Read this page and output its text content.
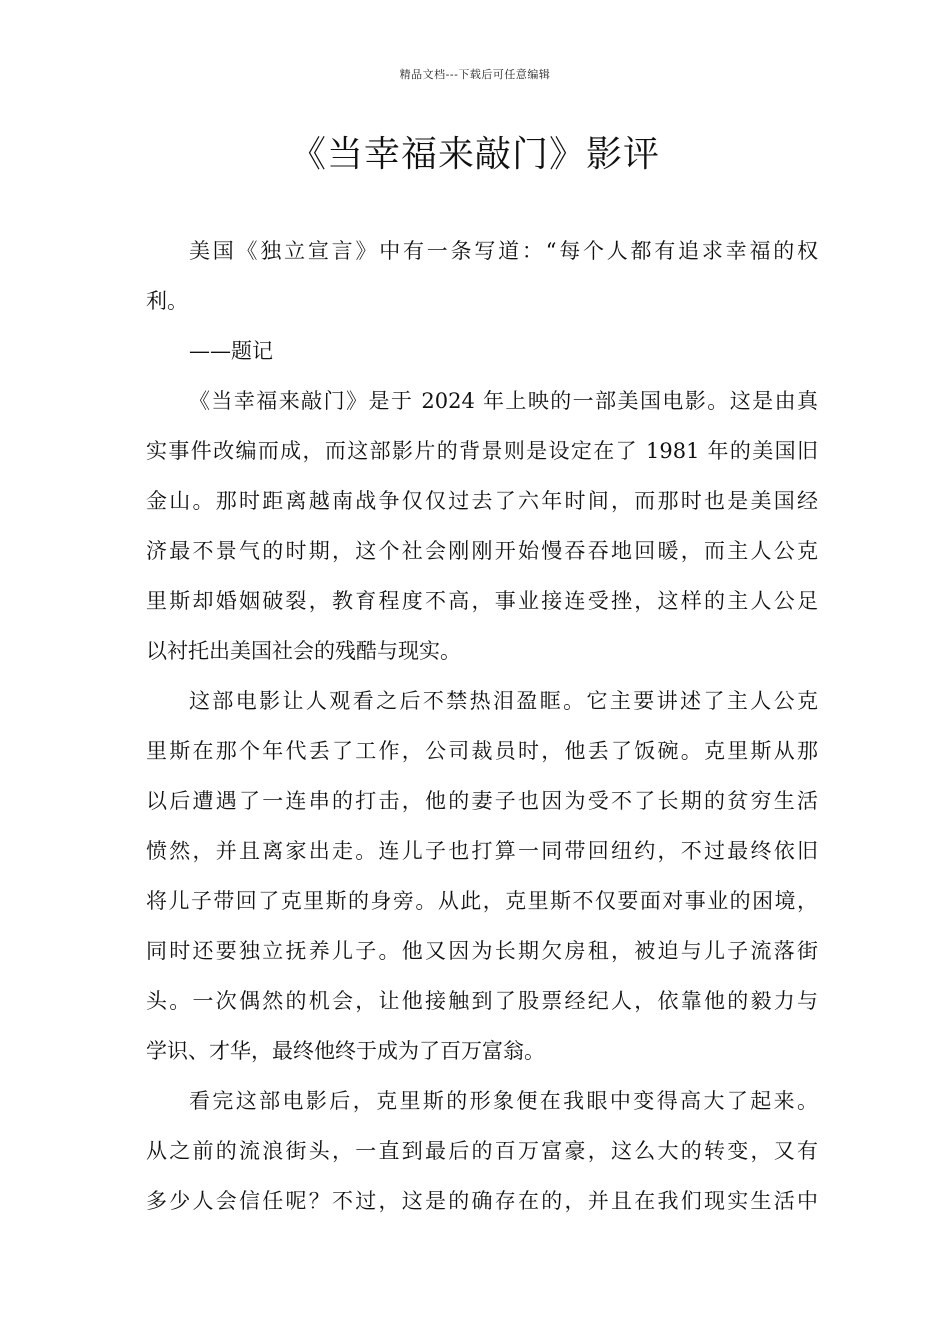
精品文档---下载后可任意编辑
《当幸福来敲门》影评
美国《独立宣言》中有一条写道：“每个人都有追求幸福的权
利。
——题记
《当幸福来敲门》是于 2024 年上映的一部美国电影。这是由真
实事件改编而成，而这部影片的背景则是设定在了 1981 年的美国旧
金山。那时距离越南战争仅仅过去了六年时间，而那时也是美国经
济最不景气的时期，这个社会刚刚开始慢吞吞地回暖，而主人公克
里斯却婚姻破裂，教育程度不高，事业接连受挫，这样的主人公足
以衬托出美国社会的残酷与现实。
这部电影让人观看之后不禁热泪盈眶。它主要讲述了主人公克
里斯在那个年代丢了工作，公司裁员时，他丢了饭碗。克里斯从那
以后遭遇了一连串的打击，他的妻子也因为受不了长期的贫穷生活
愤然，并且离家出走。连儿子也打算一同带回纽约，不过最终依旧
将儿子带回了克里斯的身旁。从此，克里斯不仅要面对事业的困境，
同时还要独立抚养儿子。他又因为长期欠房租，被迫与儿子流落街
头。一次偶然的机会，让他接触到了股票经纪人，依靠他的毅力与
学识、才华，最终他终于成为了百万富翁。
看完这部电影后，克里斯的形象便在我眼中变得高大了起来。
从之前的流浪街头，一直到最后的百万富豪，这么大的转变，又有
多少人会信任呢？不过，这是的确存在的，并且在我们现实生活中
